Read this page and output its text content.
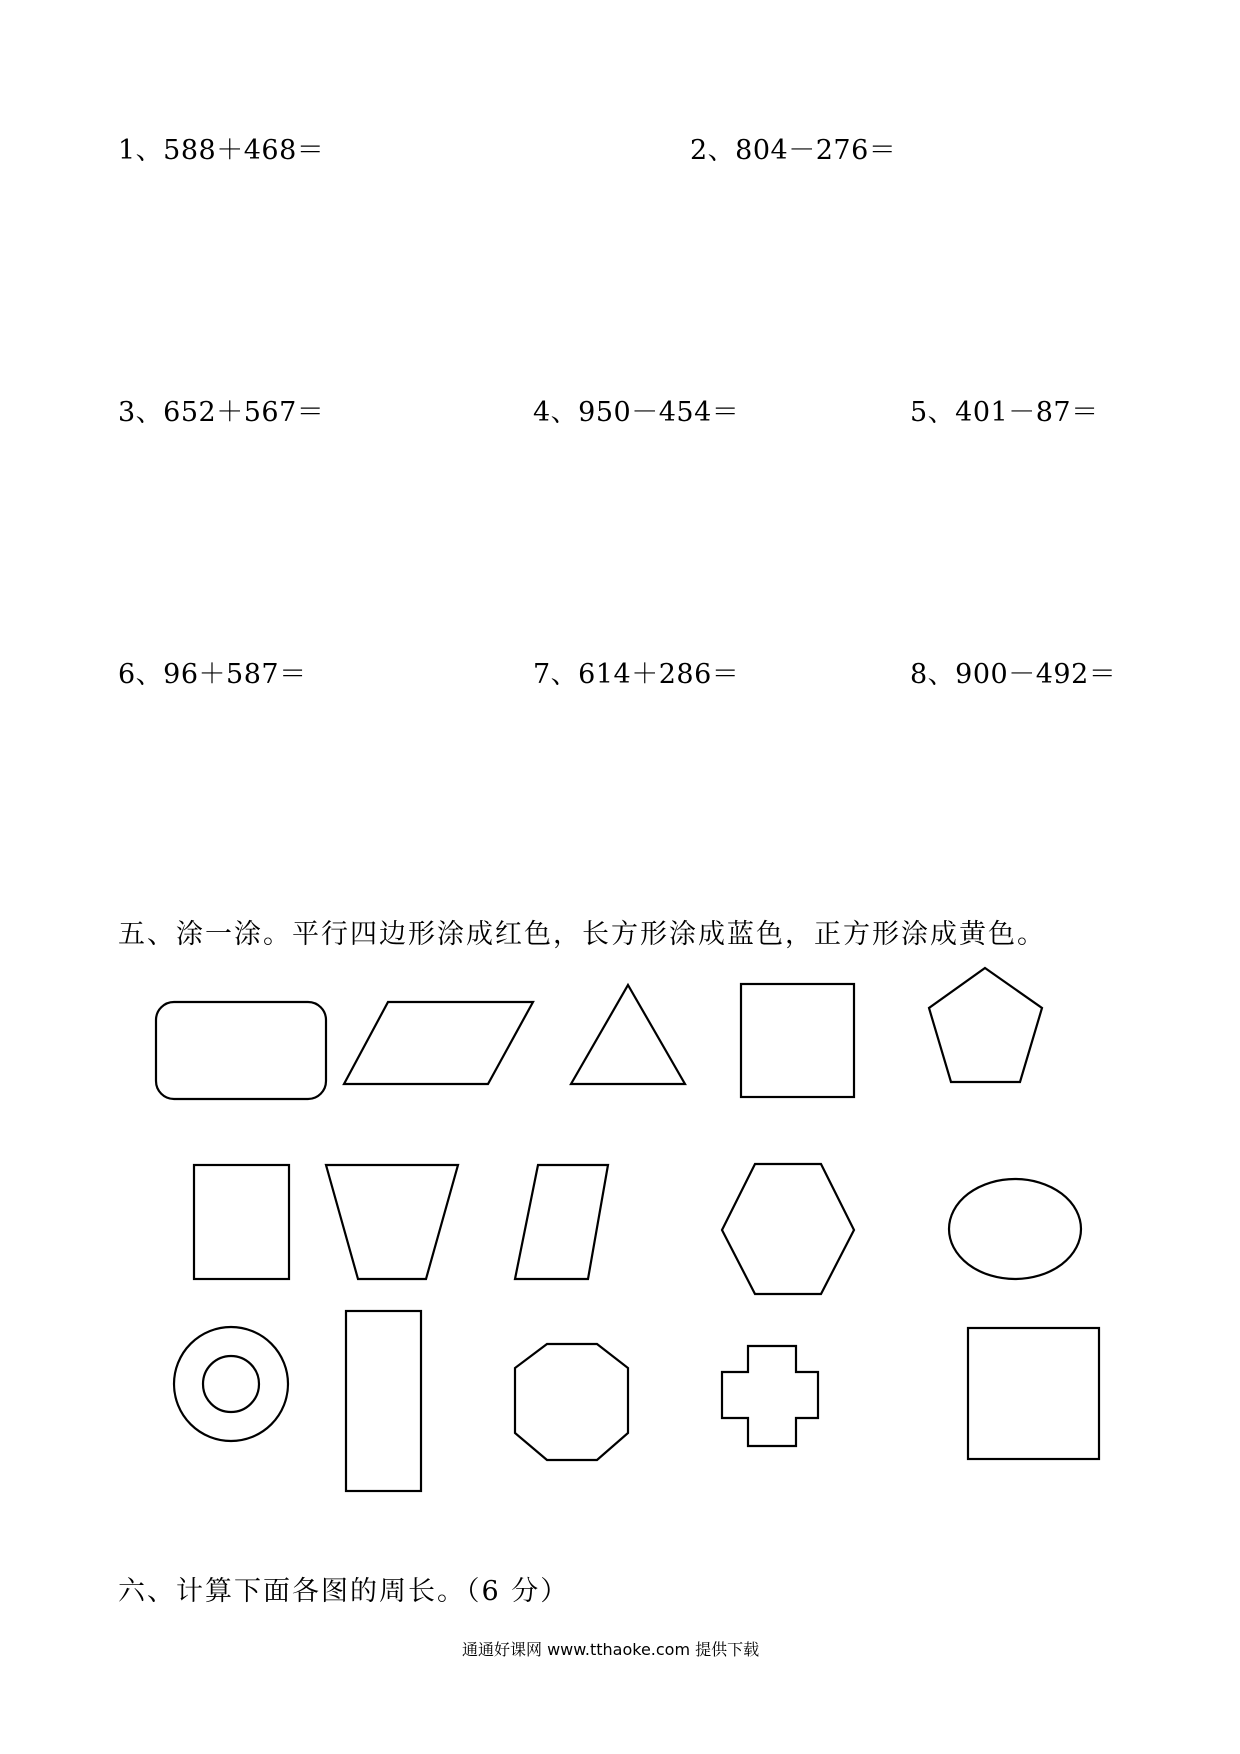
1、588＋468＝	2、804－276＝
3、652＋567＝	4、950－454＝	5、401－87＝
6、96＋587＝	7、614＋286＝	8、900－492＝
五、涂一涂。平行四边形涂成红色，长方形涂成蓝色，正方形涂成黄色。
六、计算下面各图的周长。（6 分）
通通好课网 www.tthaoke.com 提供下载
